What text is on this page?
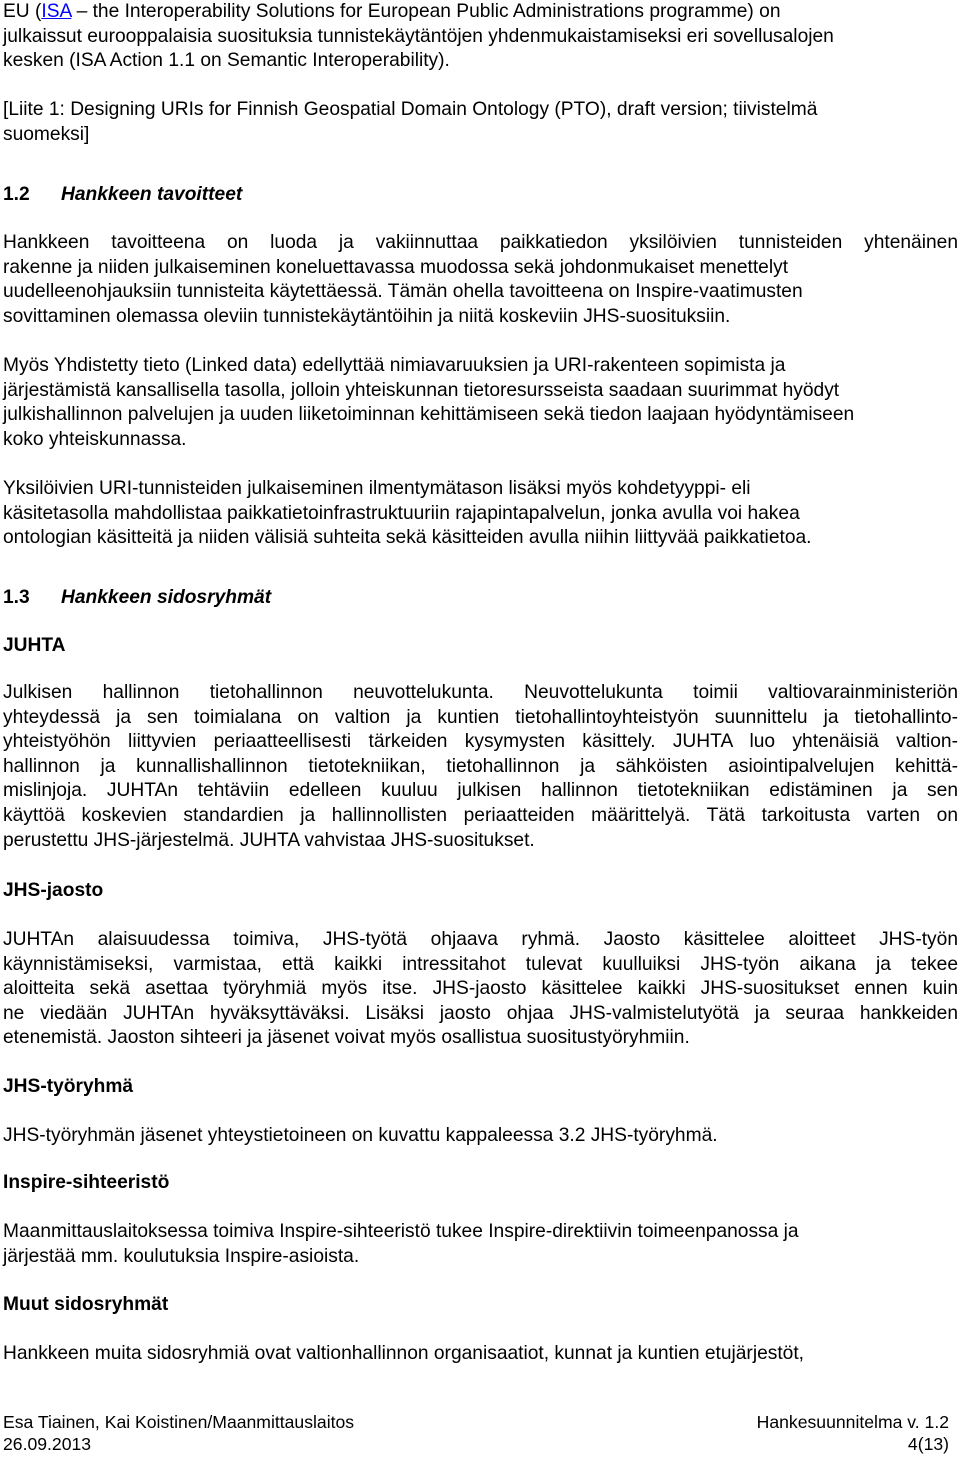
EU (ISA – the Interoperability Solutions for European Public Administrations programme) on
julkaissut eurooppalaisia suosituksia tunnistekäytäntöjen yhdenmukaistamiseksi eri sovellusalojen
kesken (ISA Action 1.1 on Semantic Interoperability).
[Liite 1: Designing URIs for Finnish Geospatial Domain Ontology (PTO), draft version; tiivistelmä
suomeksi]
1.2 Hankkeen tavoitteet
Hankkeen tavoitteena on luoda ja vakiinnuttaa paikkatiedon yksilöivien tunnisteiden yhtenäinen
rakenne ja niiden julkaiseminen koneluettavassa muodossa sekä johdonmukaiset menettelyt
uudelleenohjauksiin tunnisteita käytettäessä. Tämän ohella tavoitteena on Inspire-vaatimusten
sovittaminen olemassa oleviin tunnistekäytäntöihin ja niitä koskeviin JHS-suosituksiin.
Myös Yhdistetty tieto (Linked data) edellyttää nimiavaruuksien ja URI-rakenteen sopimista ja
järjestämistä kansallisella tasolla, jolloin yhteiskunnan tietoresursseista saadaan suurimmat hyödyt
julkishallinnon palvelujen ja uuden liiketoiminnan kehittämiseen sekä tiedon laajaan hyödyntämiseen
koko yhteiskunnassa.
Yksilöivien URI-tunnisteiden julkaiseminen ilmentymätason lisäksi myös kohdetyyppi- eli
käsitetasolla mahdollistaa paikkatietoinfrastruktuuriin rajapintapalvelun, jonka avulla voi hakea
ontologian käsitteitä ja niiden välisiä suhteita sekä käsitteiden avulla niihin liittyvää paikkatietoa.
1.3 Hankkeen sidosryhmät
JUHTA
Julkisen hallinnon tietohallinnon neuvottelukunta. Neuvottelukunta toimii valtiovarainministeriön
yhteydessä ja sen toimialana on valtion ja kuntien tietohallintoyhteistyön suunnittelu ja tietohallinto-
yhteistyöhön liittyvien periaatteellisesti tärkeiden kysymysten käsittely. JUHTA luo yhtenäisiä valtion-
hallinnon ja kunnallishallinnon tietotekniikan, tietohallinnon ja sähköisten asiointipalvelujen kehittä-
mislinjoja. JUHTAn tehtäviin edelleen kuuluu julkisen hallinnon tietotekniikan edistäminen ja sen
käyttöä koskevien standardien ja hallinnollisten periaatteiden määrittelyä. Tätä tarkoitusta varten on
perustettu JHS-järjestelmä. JUHTA vahvistaa JHS-suositukset.
JHS-jaosto
JUHTAn alaisuudessa toimiva, JHS-työtä ohjaava ryhmä. Jaosto käsittelee aloitteet JHS-työn
käynnistämiseksi, varmistaa, että kaikki intressitahot tulevat kuulluiksi JHS-työn aikana ja tekee
aloitteita sekä asettaa työryhmiä myös itse. JHS-jaosto käsittelee kaikki JHS-suositukset ennen kuin
ne viedään JUHTAn hyväksyttäväksi. Lisäksi jaosto ohjaa JHS-valmistelutyötä ja seuraa hankkeiden
etenemistä. Jaoston sihteeri ja jäsenet voivat myös osallistua suositustyöryhmiin.
JHS-työryhmä
JHS-työryhmän jäsenet yhteystietoineen on kuvattu kappaleessa 3.2 JHS-työryhmä.
Inspire-sihteeristö
Maanmittauslaitoksessa toimiva Inspire-sihteeristö tukee Inspire-direktiivin toimeenpanossa ja
järjestää mm. koulutuksia Inspire-asioista.
Muut sidosryhmät
Hankkeen muita sidosryhmiä ovat valtionhallinnon organisaatiot, kunnat ja kuntien etujärjestöt,
Esa Tiainen, Kai Koistinen/Maanmittauslaitos	Hankesuunnitelma v. 1.2
26.09.2013	4(13)
